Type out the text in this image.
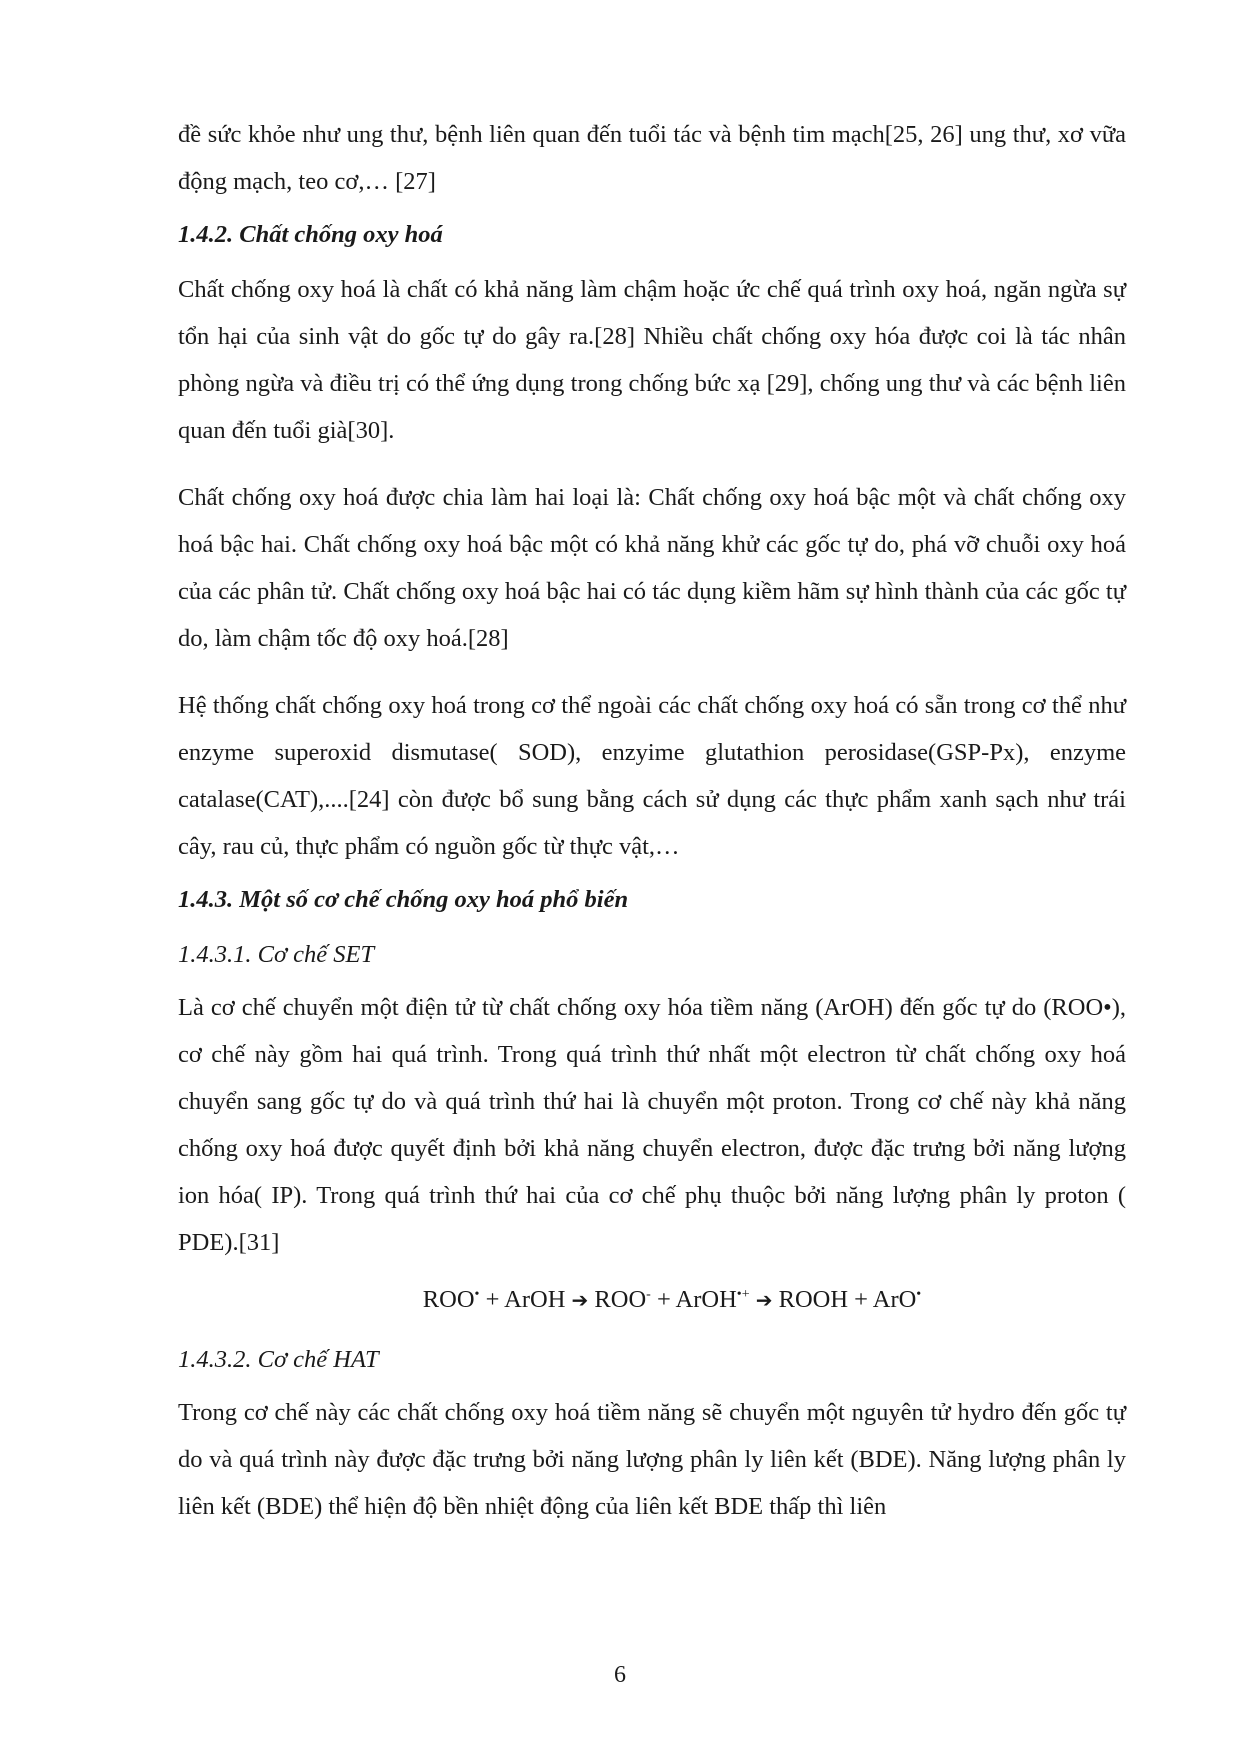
đề sức khỏe như ung thư, bệnh liên quan đến tuổi tác và bệnh tim mạch[25, 26] ung thư, xơ vữa động mạch, teo cơ,… [27]

1.4.2. Chất chống oxy hoá

Chất chống oxy hoá là chất có khả năng làm chậm hoặc ức chế quá trình oxy hoá, ngăn ngừa sự tổn hại của sinh vật do gốc tự do gây ra.[28] Nhiều chất chống oxy hóa được coi là tác nhân phòng ngừa và điều trị có thể ứng dụng trong chống bức xạ [29], chống ung thư và các bệnh liên quan đến tuổi già[30].

Chất chống oxy hoá được chia làm hai loại là: Chất chống oxy hoá bậc một và chất chống oxy hoá bậc hai. Chất chống oxy hoá bậc một có khả năng khử các gốc tự do, phá vỡ chuỗi oxy hoá của các phân tử. Chất chống oxy hoá bậc hai có tác dụng kiềm hãm sự hình thành của các gốc tự do, làm chậm tốc độ oxy hoá.[28]

Hệ thống chất chống oxy hoá trong cơ thể ngoài các chất chống oxy hoá có sẵn trong cơ thể như enzyme superoxid dismutase( SOD), enzyime glutathion perosidase(GSP-Px), enzyme catalase(CAT),....[24] còn được bổ sung bằng cách sử dụng các thực phẩm xanh sạch như trái cây, rau củ, thực phẩm có nguồn gốc từ thực vật,…

1.4.3. Một số cơ chế chống oxy hoá phổ biến
1.4.3.1. Cơ chế SET

Là cơ chế chuyển một điện tử từ chất chống oxy hóa tiềm năng (ArOH) đến gốc tự do (ROO•), cơ chế này gồm hai quá trình. Trong quá trình thứ nhất một electron từ chất chống oxy hoá chuyển sang gốc tự do và quá trình thứ hai là chuyển một proton. Trong cơ chế này khả năng chống oxy hoá được quyết định bởi khả năng chuyển electron, được đặc trưng bởi năng lượng ion hóa( IP). Trong quá trình thứ hai của cơ chế phụ thuộc bởi năng lượng phân ly proton ( PDE).[31]

ROO• + ArOH ➔ ROO- + ArOH•+ ➔ ROOH + ArO•
1.4.3.2. Cơ chế HAT

Trong cơ chế này các chất chống oxy hoá tiềm năng sẽ chuyển một nguyên tử hydro đến gốc tự do và quá trình này được đặc trưng bởi năng lượng phân ly liên kết (BDE). Năng lượng phân ly liên kết (BDE) thể hiện độ bền nhiệt động của liên kết BDE thấp thì liên

6
